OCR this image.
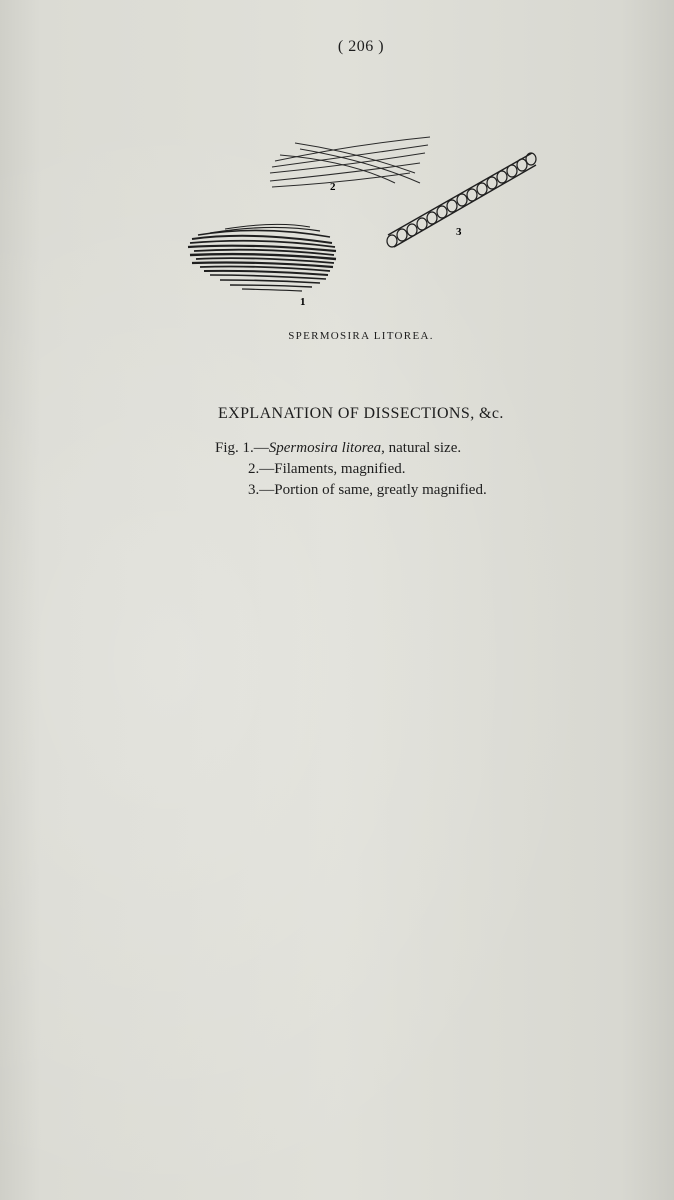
( 206 )
1
2
3
SPERMOSIRA LITOREA.
EXPLANATION OF DISSECTIONS, &c.
Fig. 1.—Spermosira litorea, natural size.
2.—Filaments, magnified.
3.—Portion of same, greatly magnified.
